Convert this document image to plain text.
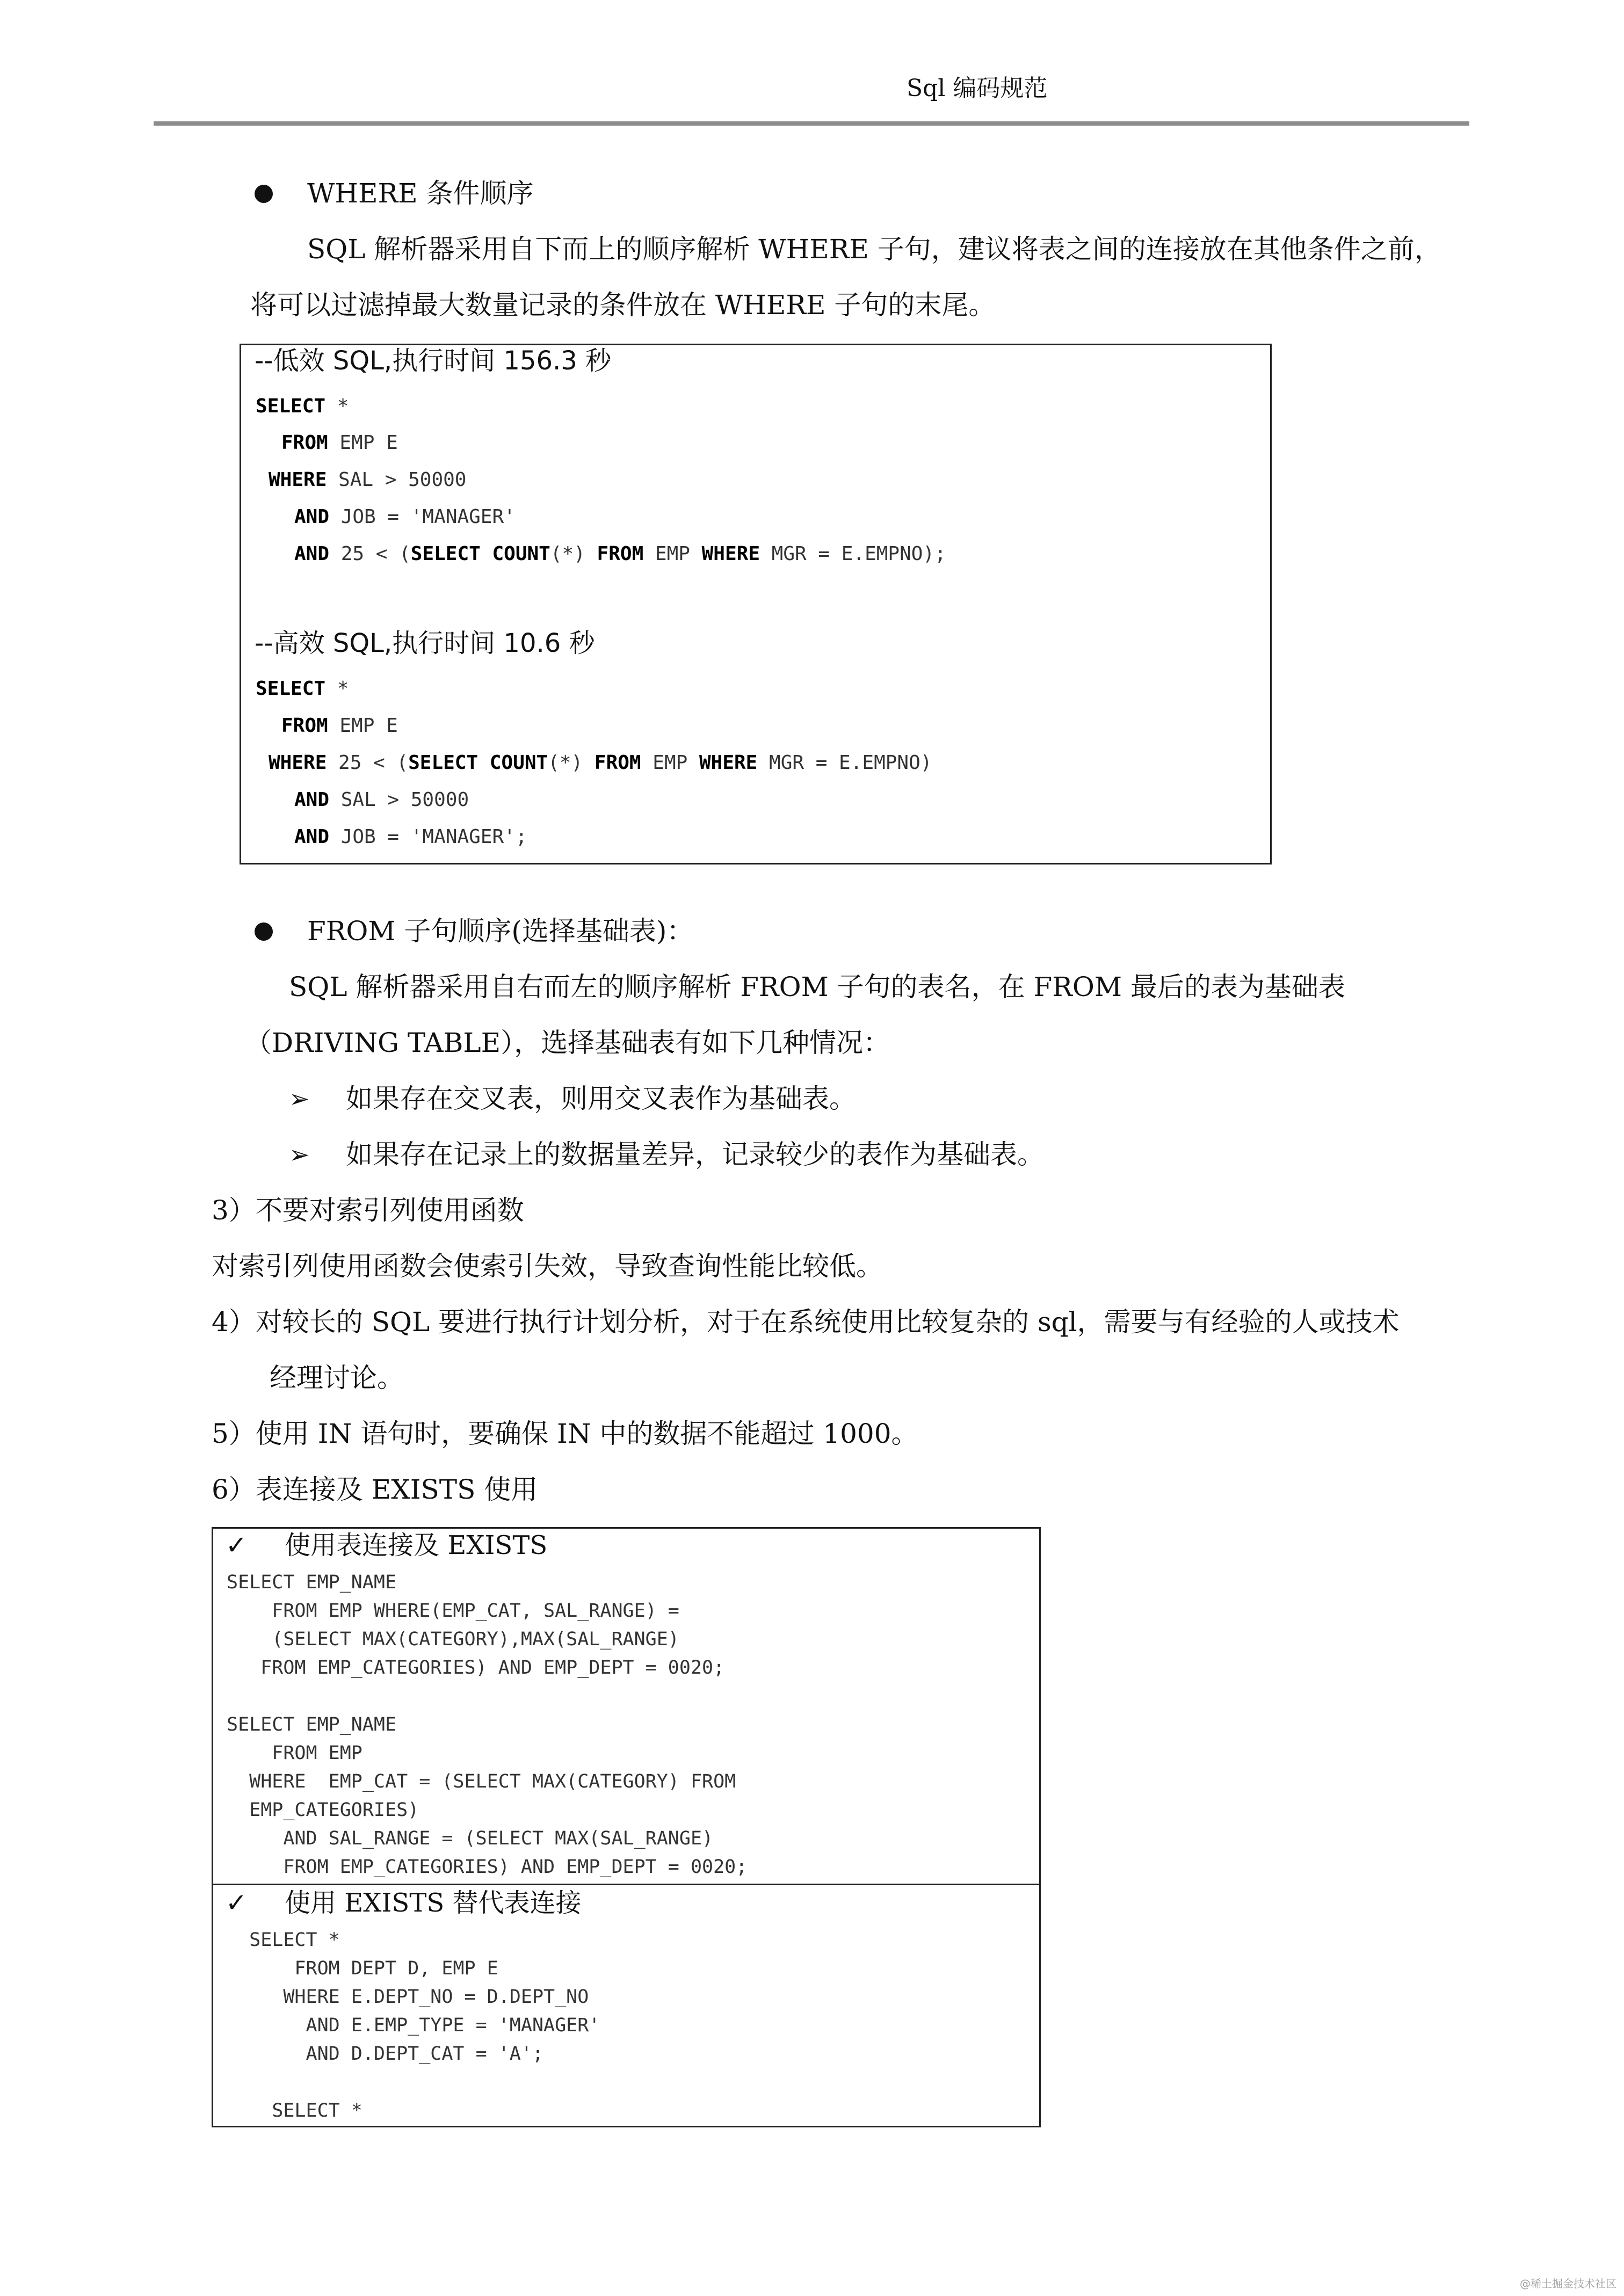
Sql 编码规范
WHERE 条件顺序
SQL 解析器采用自下而上的顺序解析 WHERE 子句，建议将表之间的连接放在其他条件之前，
将可以过滤掉最大数量记录的条件放在 WHERE 子句的末尾。
--低效 SQL,执行时间 156.3 秒
SELECT *
FROM EMP E
WHERE SAL > 50000
AND JOB = 'MANAGER'
AND 25 < (SELECT COUNT(*) FROM EMP WHERE MGR = E.EMPNO);
--高效 SQL,执行时间 10.6 秒
SELECT *
FROM EMP E
WHERE 25 < (SELECT COUNT(*) FROM EMP WHERE MGR = E.EMPNO)
AND SAL > 50000
AND JOB = 'MANAGER';
FROM 子句顺序(选择基础表)：
SQL 解析器采用自右而左的顺序解析 FROM 子句的表名，在 FROM 最后的表为基础表
（DRIVING TABLE），选择基础表有如下几种情况：
➢ 如果存在交叉表，则用交叉表作为基础表。
➢ 如果存在记录上的数据量差异，记录较少的表作为基础表。
3）不要对索引列使用函数
对索引列使用函数会使索引失效，导致查询性能比较低。
4）对较长的 SQL 要进行执行计划分析，对于在系统使用比较复杂的 sql，需要与有经验的人或技术
经理讨论。
5）使用 IN 语句时，要确保 IN 中的数据不能超过 1000。
6）表连接及 EXISTS 使用
✓ 使用表连接及 EXISTS
SELECT EMP_NAME
FROM EMP WHERE(EMP_CAT, SAL_RANGE) =
(SELECT MAX(CATEGORY),MAX(SAL_RANGE)
FROM EMP_CATEGORIES) AND EMP_DEPT = 0020;
SELECT EMP_NAME
FROM EMP
WHERE  EMP_CAT = (SELECT MAX(CATEGORY) FROM
EMP_CATEGORIES)
AND SAL_RANGE = (SELECT MAX(SAL_RANGE)
FROM EMP_CATEGORIES) AND EMP_DEPT = 0020;
✓ 使用 EXISTS 替代表连接
SELECT *
FROM DEPT D, EMP E
WHERE E.DEPT_NO = D.DEPT_NO
AND E.EMP_TYPE = 'MANAGER'
AND D.DEPT_CAT = 'A';
SELECT *
@稀土掘金技术社区
